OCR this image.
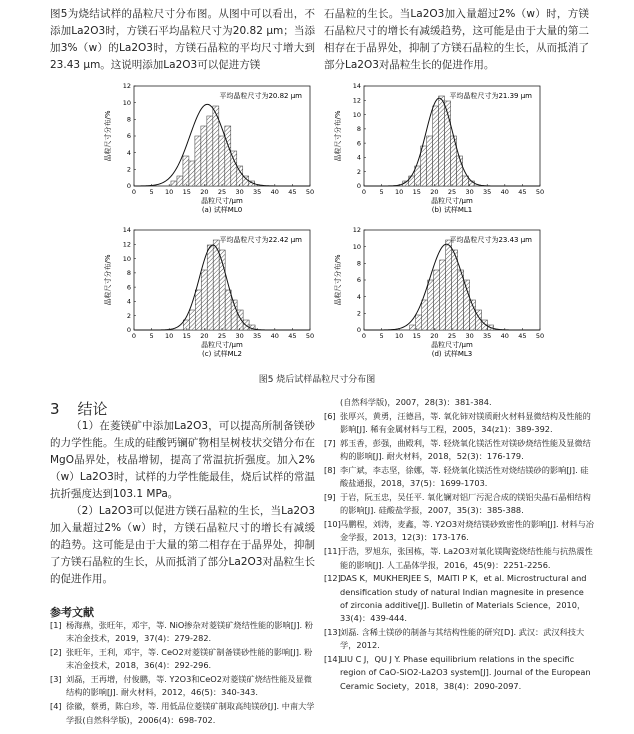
图5为烧结试样的晶粒尺寸分布图。从图中可以看出，不添加La2O3时，方镁石平均晶粒尺寸为20.82 μm；当添加3%（w）的La2O3时，方镁石晶粒的平均尺寸增大到23.43 μm。这说明添加La2O3可以促进方镁
石晶粒的生长。当La2O3加入量超过2%（w）时，方镁石晶粒尺寸的增长有减缓趋势，这可能是由于大量的第二相存在于晶界处，抑制了方镁石晶粒的生长，从而抵消了部分La2O3对晶粒生长的促进作用。
0 5 10 15 20 25 30 35 40 45 50
0
2
4
6
8
10
12
平均晶粒尺寸为20.82 μm
晶粒尺寸/μm
(a) 试样ML0
晶粒尺寸分布/%
0 5 10 15 20 25 30 35 40 45 50
0
2
4
6
8
10
12
14
平均晶粒尺寸为21.39 μm
晶粒尺寸/μm
(b) 试样ML1
晶粒尺寸分布/%
0 5 10 15 20 25 30 35 40 45 50
0
2
4
6
8
10
12
14
平均晶粒尺寸为22.42 μm
晶粒尺寸/μm
(c) 试样ML2
晶粒尺寸分布/%
0 5 10 15 20 25 30 35 40 45 50
0
2
4
6
8
10
12
平均晶粒尺寸为23.43 μm
晶粒尺寸/μm
(d) 试样ML3
晶粒尺寸分布/%
图5 烧后试样晶粒尺寸分布图
3 结论

（1）在菱镁矿中添加La2O3，可以提高所制备镁砂的力学性能。生成的硅酸钙镧矿物相呈树枝状交错分布在MgO晶界处，枝晶增韧，提高了常温抗折强度。加入2%（w）La2O3时，试样的力学性能最佳，烧后试样的常温抗折强度达到103.1 MPa。

（2）La2O3可以促进方镁石晶粒的生长，当La2O3加入量超过2%（w）时，方镁石晶粒尺寸的增长有减缓的趋势。这可能是由于大量的第二相存在于晶界处，抑制了方镁石晶粒的生长，从而抵消了部分La2O3对晶粒生长的促进作用。

参考文献
[1] 杨海燕，张旺年，邓宇，等. NiO掺杂对菱镁矿烧结性能的影响[J]. 粉末冶金技术，2019，37(4)：279-282.
[2] 张旺年，王利，邓宇，等. CeO2对菱镁矿制备镁砂性能的影响[J]. 粉末冶金技术，2018，36(4)：292-296.
[3] 刘磊，王再增，付俊鹏，等. Y2O3和CeO2对菱镁矿烧结性能及显微结构的影响[J]. 耐火材料，2012，46(5)：340-343.
[4] 徐徽，蔡勇，陈白珍，等. 用低品位菱镁矿制取高纯镁砂[J]. 中南大学学报(自然科学版)，2006(4)：698-702.
(自然科学版)，2007，28(3)：381-384.
[6] 张厚兴，黄勇，汪德昌，等. 氧化铈对镁质耐火材料显微结构及性能的影响[J]. 稀有金属材料与工程，2005，34(z1)：389-392.
[7] 郭玉香，彭强，曲殿利，等. 轻烧氧化镁活性对镁砂烧结性能及显微结构的影响[J]. 耐火材料，2018，52(3)：176-179.
[8] 李广斌，李志坚，徐娜，等. 轻烧氧化镁活性对烧结镁砂的影响[J]. 硅酸盐通报，2018，37(5)：1699-1703.
[9] 于岩，阮玉忠，吴任平. 氧化镧对铝厂污泥合成的镁铝尖晶石晶相结构的影响[J]. 硅酸盐学报，2007，35(3)：385-388.
[10] 马鹏程，刘涛，麦鑫，等. Y2O3对烧结镁砂致密性的影响[J]. 材料与冶金学报，2013，12(3)：173-176.
[11] 于浩，罗旭东，张国栋，等. La2O3对氧化镁陶瓷烧结性能与抗热震性能的影响[J]. 人工晶体学报，2016，45(9)：2251-2256.
[12] DAS K，MUKHERJEE S，MAITI P K，et al. Microstructural and densification study of natural Indian magnesite in presence of zirconia additive[J]. Bulletin of Materials Science，2010，33(4)：439-444.
[13] 刘磊. 含稀土镁砂的制备与其结构性能的研究[D]. 武汉：武汉科技大学，2012.
[14] LIU C J，QU J Y. Phase equilibrium relations in the specific region of CaO-SiO2-La2O3 system[J]. Journal of the European Ceramic Society，2018，38(4)：2090-2097.
